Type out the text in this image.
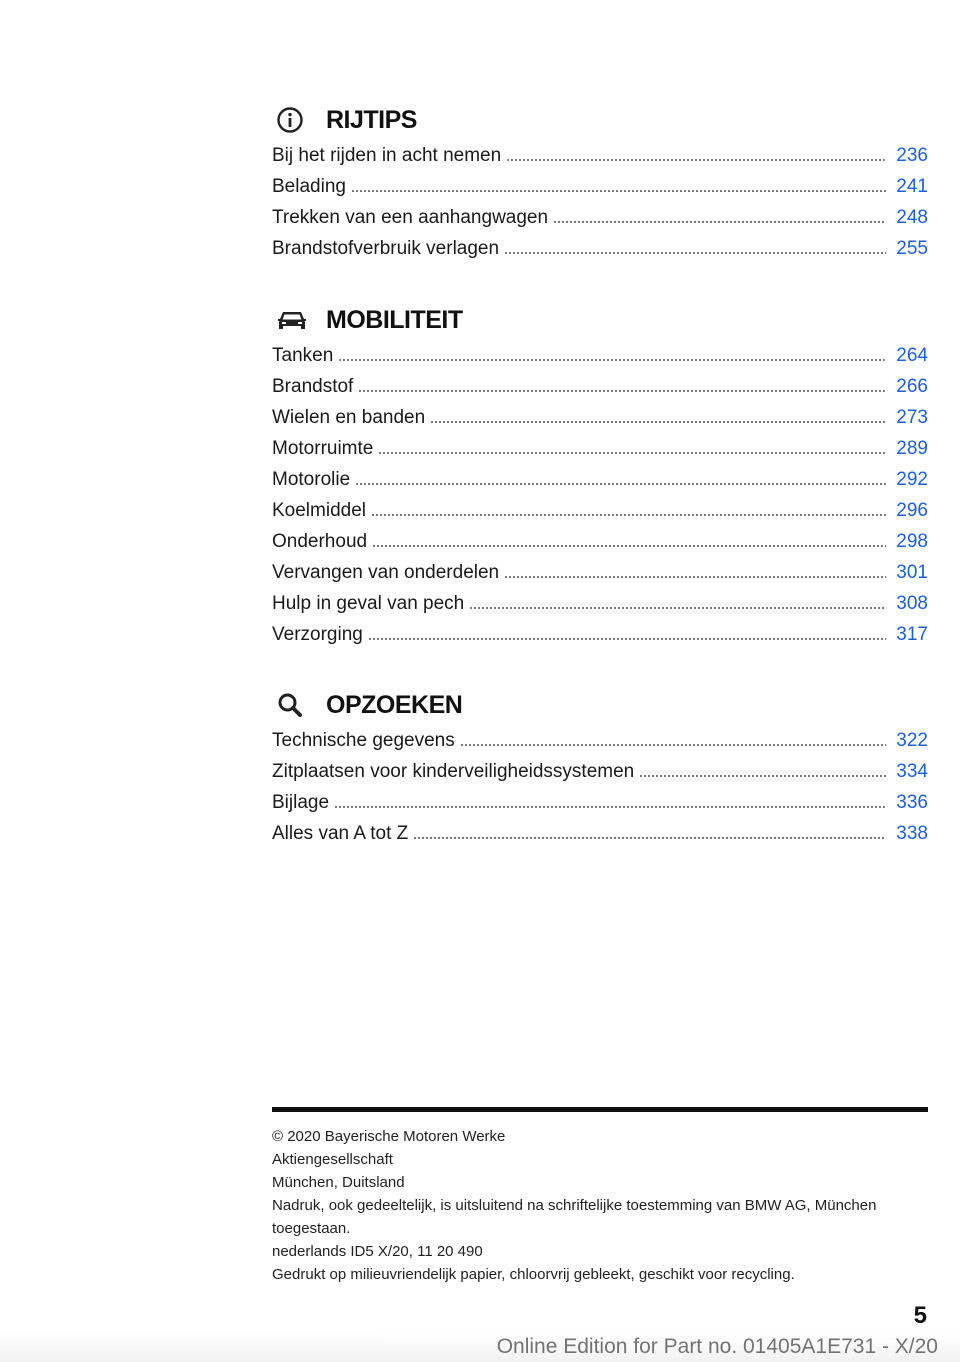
RIJTIPS
Bij het rijden in acht nemen	236
Belading	241
Trekken van een aanhangwagen	248
Brandstofverbruik verlagen	255
MOBILITEIT
Tanken	264
Brandstof	266
Wielen en banden	273
Motorruimte	289
Motorolie	292
Koelmiddel	296
Onderhoud	298
Vervangen van onderdelen	301
Hulp in geval van pech	308
Verzorging	317
OPZOEKEN
Technische gegevens	322
Zitplaatsen voor kinderveiligheidssystemen	334
Bijlage	336
Alles van A tot Z	338

© 2020 Bayerische Motoren Werke

Aktiengesellschaft

München, Duitsland

Nadruk, ook gedeeltelijk, is uitsluitend na schriftelijke toestemming van BMW AG, München toegestaan.

nederlands ID5 X/20, 11 20 490

Gedrukt op milieuvriendelijk papier, chloorvrij gebleekt, geschikt voor recycling.

5
Online Edition for Part no. 01405A1E731 - X/20
